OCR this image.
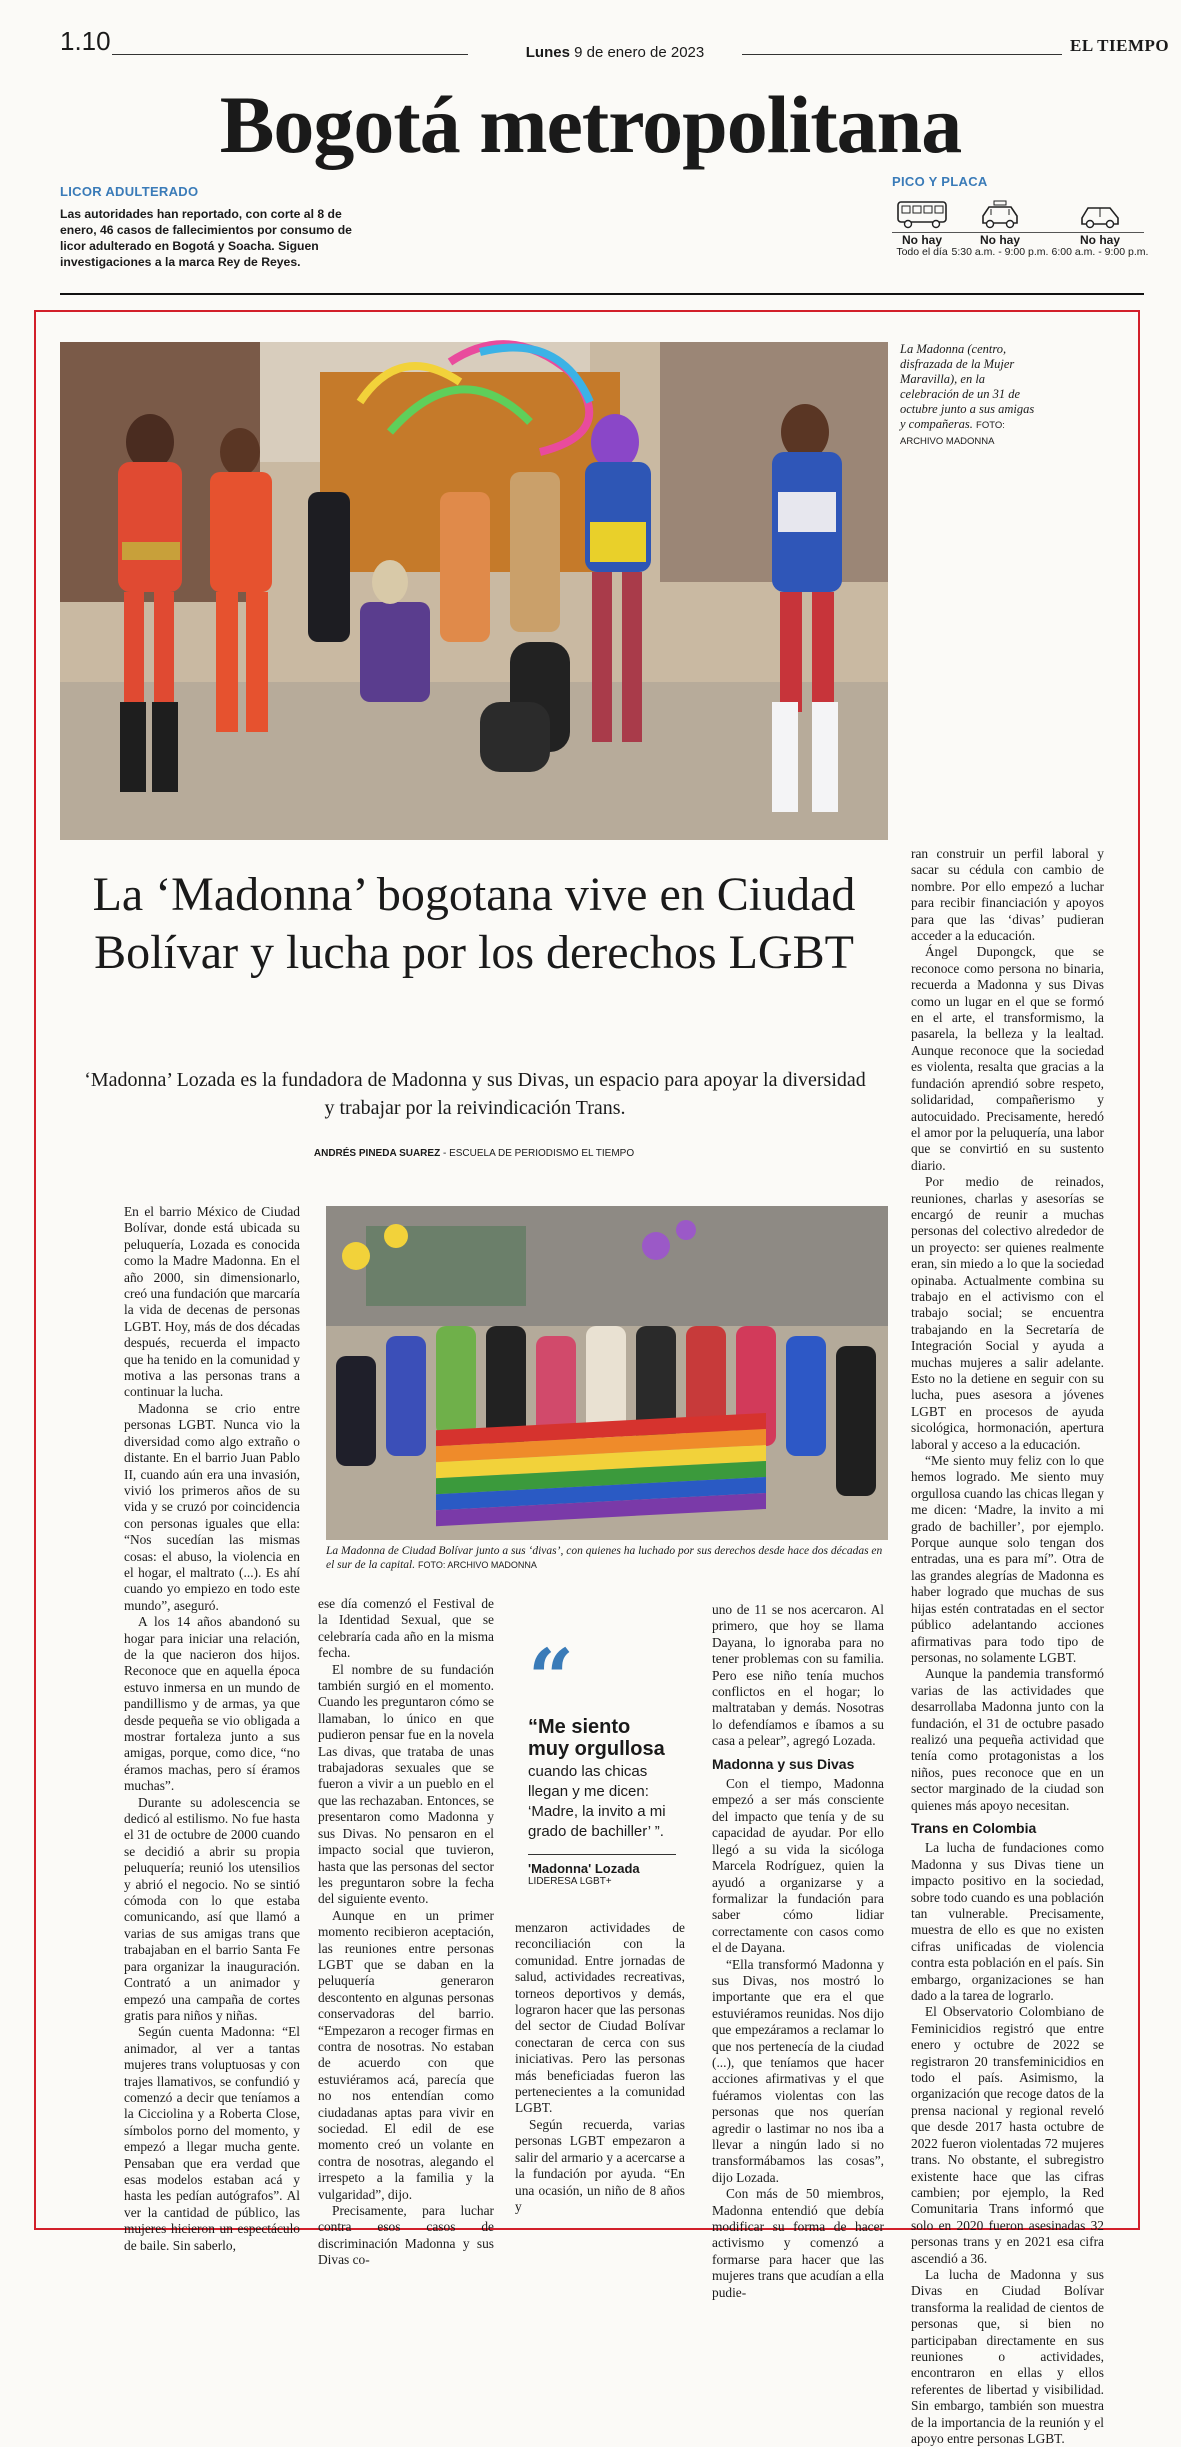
1.10	Lunes 9 de enero de 2023	EL TIEMPO
Bogotá metropolitana
LICOR ADULTERADO
Las autoridades han reportado, con corte al 8 de enero, 46 casos de fallecimientos por consumo de licor adulterado en Bogotá y Soacha. Siguen investigaciones a la marca Rey de Reyes.
PICO Y PLACA
No hay
Todo el día
No hay
5:30 a.m. - 9:00 p.m.
No hay
6:00 a.m. - 9:00 p.m.
La Madonna (centro, disfrazada de la Mujer Maravilla), en la celebración de un 31 de octubre junto a sus amigas y compañeras. FOTO: ARCHIVO MADONNA
La ‘Madonna’ bogotana vive en Ciudad Bolívar y lucha por los derechos LGBT
‘Madonna’ Lozada es la fundadora de Madonna y sus Divas, un espacio para apoyar la diversidad y trabajar por la reivindicación Trans.
ANDRÉS PINEDA SUAREZ - ESCUELA DE PERIODISMO EL TIEMPO

En el barrio México de Ciudad Bolívar, donde está ubicada su peluquería, Lozada es conocida como la Madre Madonna. En el año 2000, sin dimensionarlo, creó una fundación que marcaría la vida de decenas de personas LGBT. Hoy, más de dos décadas después, recuerda el impacto que ha tenido en la comunidad y motiva a las personas trans a continuar la lucha.

Madonna se crio entre personas LGBT. Nunca vio la diversidad como algo extraño o distante. En el barrio Juan Pablo II, cuando aún era una invasión, vivió los primeros años de su vida y se cruzó por coincidencia con personas iguales que ella: “Nos sucedían las mismas cosas: el abuso, la violencia en el hogar, el maltrato (...). Es ahí cuando yo empiezo en todo este mundo”, aseguró.

A los 14 años abandonó su hogar para iniciar una relación, de la que nacieron dos hijos. Reconoce que en aquella época estuvo inmersa en un mundo de pandillismo y de armas, ya que desde pequeña se vio obligada a mostrar fortaleza junto a sus amigas, porque, como dice, “no éramos machas, pero sí éramos muchas”.

Durante su adolescencia se dedicó al estilismo. No fue hasta el 31 de octubre de 2000 cuando se decidió a abrir su propia peluquería; reunió los utensilios y abrió el negocio. No se sintió cómoda con lo que estaba comunicando, así que llamó a varias de sus amigas trans que trabajaban en el barrio Santa Fe para organizar la inauguración. Contrató a un animador y empezó una campaña de cortes gratis para niños y niñas.

Según cuenta Madonna: “El animador, al ver a tantas mujeres trans voluptuosas y con trajes llamativos, se confundió y comenzó a decir que teníamos a la Cicciolina y a Roberta Close, símbolos porno del momento, y empezó a llegar mucha gente. Pensaban que era verdad que esas modelos estaban acá y hasta les pedían autógrafos”. Al ver la cantidad de público, las mujeres hicieron un espectáculo de baile. Sin saberlo,

La Madonna de Ciudad Bolívar junto a sus ‘divas’, con quienes ha luchado por sus derechos desde hace dos décadas en el sur de la capital. FOTO: ARCHIVO MADONNA

ese día comenzó el Festival de la Identidad Sexual, que se celebraría cada año en la misma fecha.

El nombre de su fundación también surgió en el momento. Cuando les preguntaron cómo se llamaban, lo único en que pudieron pensar fue en la novela Las divas, que trataba de unas trabajadoras sexuales que se fueron a vivir a un pueblo en el que las rechazaban. Entonces, se presentaron como Madonna y sus Divas. No pensaron en el impacto social que tuvieron, hasta que las personas del sector les preguntaron sobre la fecha del siguiente evento.

Aunque en un primer momento recibieron aceptación, las reuniones entre personas LGBT que se daban en la peluquería generaron descontento en algunas personas conservadoras del barrio. “Empezaron a recoger firmas en contra de nosotras. No estaban de acuerdo con que estuviéramos acá, parecía que no nos entendían como ciudadanas aptas para vivir en sociedad. El edil de ese momento creó un volante en contra de nosotras, alegando el irrespeto a la familia y la vulgaridad”, dijo.

Precisamente, para luchar contra esos casos de discriminación Madonna y sus Divas co-

“
“Me siento muy orgullosa
cuando las chicas llegan y me dicen: ‘Madre, la invito a mi grado de bachiller’ ”.
'Madonna' Lozada
LIDERESA LGBT+

menzaron actividades de reconciliación con la comunidad. Entre jornadas de salud, actividades recreativas, torneos deportivos y demás, lograron hacer que las personas del sector de Ciudad Bolívar conectaran de cerca con sus iniciativas. Pero las personas más beneficiadas fueron las pertenecientes a la comunidad LGBT.

Según recuerda, varias personas LGBT empezaron a salir del armario y a acercarse a la fundación por ayuda. “En una ocasión, un niño de 8 años y

uno de 11 se nos acercaron. Al primero, que hoy se llama Dayana, lo ignoraba para no tener problemas con su familia. Pero ese niño tenía muchos conflictos en el hogar; lo maltrataban y demás. Nosotras lo defendíamos e íbamos a su casa a pelear”, agregó Lozada.

Madonna y sus Divas

Con el tiempo, Madonna empezó a ser más consciente del impacto que tenía y de su capacidad de ayudar. Por ello llegó a su vida la sicóloga Marcela Rodríguez, quien la ayudó a organizarse y a formalizar la fundación para saber cómo lidiar correctamente con casos como el de Dayana.

“Ella transformó Madonna y sus Divas, nos mostró lo importante que era el que estuviéramos reunidas. Nos dijo que empezáramos a reclamar lo que nos pertenecía de la ciudad (...), que teníamos que hacer acciones afirmativas y el que fuéramos violentas con las personas que nos querían agredir o lastimar no nos iba a llevar a ningún lado si no transformábamos las cosas”, dijo Lozada.

Con más de 50 miembros, Madonna entendió que debía modificar su forma de hacer activismo y comenzó a formarse para hacer que las mujeres trans que acudían a ella pudie-

ran construir un perfil laboral y sacar su cédula con cambio de nombre. Por ello empezó a luchar para recibir financiación y apoyos para que las ‘divas’ pudieran acceder a la educación.

Ángel Dupongck, que se reconoce como persona no binaria, recuerda a Madonna y sus Divas como un lugar en el que se formó en el arte, el transformismo, la pasarela, la belleza y la lealtad. Aunque reconoce que la sociedad es violenta, resalta que gracias a la fundación aprendió sobre respeto, solidaridad, compañerismo y autocuidado. Precisamente, heredó el amor por la peluquería, una labor que se convirtió en su sustento diario.

Por medio de reinados, reuniones, charlas y asesorías se encargó de reunir a muchas personas del colectivo alrededor de un proyecto: ser quienes realmente eran, sin miedo a lo que la sociedad opinaba. Actualmente combina su trabajo en el activismo con el trabajo social; se encuentra trabajando en la Secretaría de Integración Social y ayuda a muchas mujeres a salir adelante. Esto no la detiene en seguir con su lucha, pues asesora a jóvenes LGBT en procesos de ayuda sicológica, hormonación, apertura laboral y acceso a la educación.

“Me siento muy feliz con lo que hemos logrado. Me siento muy orgullosa cuando las chicas llegan y me dicen: ‘Madre, la invito a mi grado de bachiller’, por ejemplo. Porque aunque solo tengan dos entradas, una es para mí”. Otra de las grandes alegrías de Madonna es haber logrado que muchas de sus hijas estén contratadas en el sector público adelantando acciones afirmativas para todo tipo de personas, no solamente LGBT.

Aunque la pandemia transformó varias de las actividades que desarrollaba Madonna junto con la fundación, el 31 de octubre pasado realizó una pequeña actividad que tenía como protagonistas a los niños, pues reconoce que en un sector marginado de la ciudad son quienes más apoyo necesitan.

Trans en Colombia

La lucha de fundaciones como Madonna y sus Divas tiene un impacto positivo en la sociedad, sobre todo cuando es una población tan vulnerable. Precisamente, muestra de ello es que no existen cifras unificadas de violencia contra esta población en el país. Sin embargo, organizaciones se han dado a la tarea de lograrlo.

El Observatorio Colombiano de Feminicidios registró que entre enero y octubre de 2022 se registraron 20 transfeminicidios en todo el país. Asimismo, la organización que recoge datos de la prensa nacional y regional reveló que desde 2017 hasta octubre de 2022 fueron violentadas 72 mujeres trans. No obstante, el subregistro existente hace que las cifras cambien; por ejemplo, la Red Comunitaria Trans informó que solo en 2020 fueron asesinadas 32 personas trans y en 2021 esa cifra ascendió a 36.

La lucha de Madonna y sus Divas en Ciudad Bolívar transforma la realidad de cientos de personas que, si bien no participaban directamente en sus reuniones o actividades, encontraron en ellas y ellos referentes de libertad y visibilidad. Sin embargo, también son muestra de la importancia de la reunión y el apoyo entre personas LGBT.
